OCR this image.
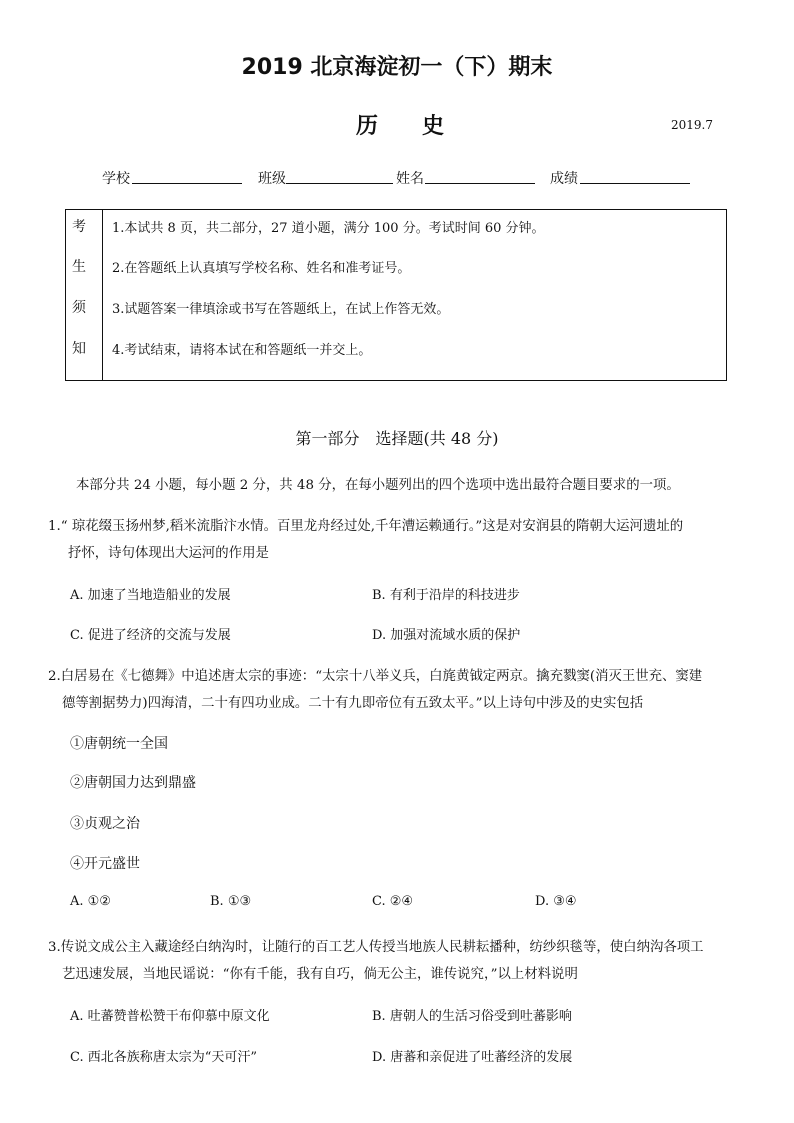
2019 北京海淀初一（下）期末
历史	2019.7
学校	班级	姓名	成绩
考
生
须
知
1.本试共 8 页，共二部分，27 道小题，满分 100 分。考试时间 60 分钟。
2.在答题纸上认真填写学校名称、姓名和准考证号。
3.试题答案一律填涂或书写在答题纸上，在试上作答无效。
4.考试结束，请将本试在和答题纸一并交上。
第一部分　选择题(共 48 分)
本部分共 24 小题，每小题 2 分，共 48 分，在每小题列出的四个选项中选出最符合题目要求的一项。
1.“ 琼花缀玉扬州梦,稻米流脂汴水情。百里龙舟经过处,千年漕运赖通行。”这是对安润县的隋朝大运河遗址的
抒怀，诗句体现出大运河的作用是
A. 加速了当地造船业的发展	B. 有利于沿岸的科技进步
C. 促进了经济的交流与发展	D. 加强对流域水质的保护
2.白居易在《七德舞》中追述唐太宗的事迹：“太宗十八举义兵，白旄黄钺定两京。擒充戮窦(消灭王世充、窦建
德等割据势力)四海清，二十有四功业成。二十有九即帝位有五致太平。”以上诗句中涉及的史实包括
①唐朝统一全国
②唐朝国力达到鼎盛
③贞观之治
④开元盛世
A. ①②	B. ①③	C. ②④	D. ③④
3.传说文成公主入藏途经白纳沟时，让随行的百工艺人传授当地族人民耕耘播种，纺纱织毯等，使白纳沟各项工
艺迅速发展，当地民谣说：“你有千能，我有自巧，倘无公主，谁传说究，”以上材料说明
A. 吐蕃赞普松赞干布仰慕中原文化	B. 唐朝人的生活习俗受到吐蕃影响
C. 西北各族称唐太宗为“天可汗”	D. 唐蕃和亲促进了吐蕃经济的发展
